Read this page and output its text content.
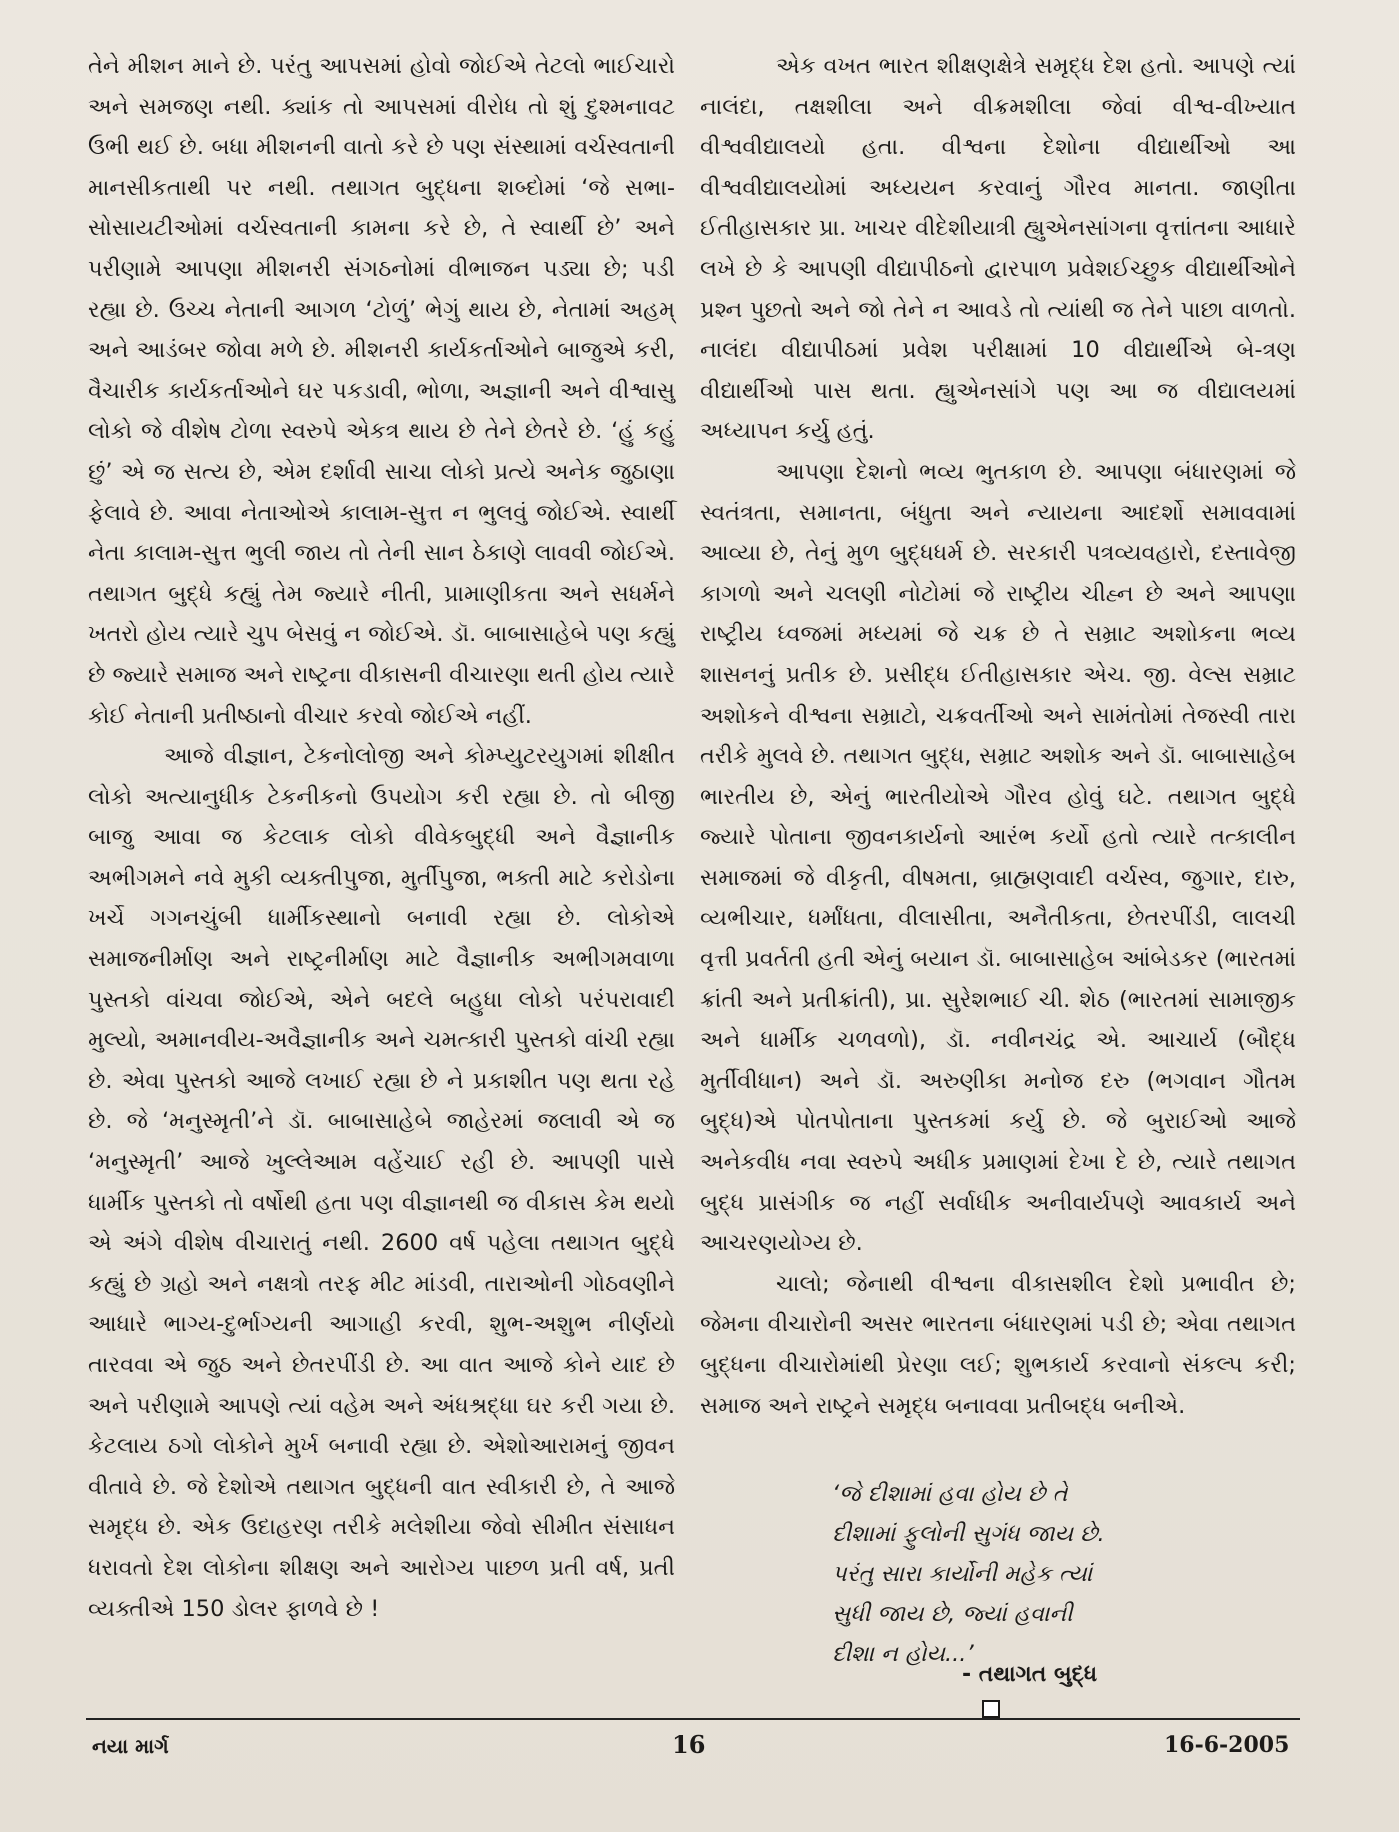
તેને મીશન માને છે. પરંતુ આપસમાં હોવો જોઈએ તેટલો ભાઈચારો અને સમજણ નથી. ક્યાંક તો આપસમાં વીરોધ તો શું દુશ્મનાવટ ઉભી થઈ છે. બધા મીશનની વાતો કરે છે પણ સંસ્થામાં વર્ચસ્વતાની માનસીકતાથી પર નથી. તથાગત બુદ્ધના શબ્દોમાં ‘જે સભા-સોસાયટીઓમાં વર્ચસ્વતાની કામના કરે છે, તે સ્વાર્થી છે’ અને પરીણામે આપણા મીશનરી સંગઠનોમાં વીભાજન પડ્યા છે; પડી રહ્યા છે. ઉચ્ચ નેતાની આગળ ‘ટોળું’ ભેગું થાય છે, નેતામાં અહમ્ અને આડંબર જોવા મળે છે. મીશનરી કાર્યકર્તાઓને બાજુએ કરી, વૈચારીક કાર્યકર્તાઓને ઘર પકડાવી, ભોળા, અજ્ઞાની અને વીશ્વાસુ લોકો જે વીશેષ ટોળા સ્વરુપે એકત્ર થાય છે તેને છેતરે છે. ‘હું કહું છું’ એ જ સત્ય છે, એમ દર્શાવી સાચા લોકો પ્રત્યે અનેક જુઠાણા ફેલાવે છે. આવા નેતાઓએ કાલામ-સુત્ત ન ભુલવું જોઈએ. સ્વાર્થી નેતા કાલામ-સુત્ત ભુલી જાય તો તેની સાન ઠેકાણે લાવવી જોઈએ. તથાગત બુદ્ધે કહ્યું તેમ જ્યારે નીતી, પ્રામાણીકતા અને સધર્મને ખતરો હોય ત્યારે ચુપ બેસવું ન જોઈએ. ડૉ. બાબાસાહેબે પણ કહ્યું છે જ્યારે સમાજ અને રાષ્ટ્રના વીકાસની વીચારણા થતી હોય ત્યારે કોઈ નેતાની પ્રતીષ્ઠાનો વીચાર કરવો જોઈએ નહીં.

આજે વીજ્ઞાન, ટેકનોલોજી અને કોમ્પ્યુટરયુગમાં શીક્ષીત લોકો અત્યાનુધીક ટેકનીકનો ઉપયોગ કરી રહ્યા છે. તો બીજી બાજુ આવા જ કેટલાક લોકો વીવેકબુદ્ધી અને વૈજ્ઞાનીક અભીગમને નવે મુકી વ્યક્તીપુજા, મુર્તીપુજા, ભક્તી માટે કરોડોના ખર્ચે ગગનચુંબી ધાર્મીકસ્થાનો બનાવી રહ્યા છે. લોકોએ સમાજનીર્માણ અને રાષ્ટ્રનીર્માણ માટે વૈજ્ઞાનીક અભીગમવાળા પુસ્તકો વાંચવા જોઈએ, એને બદલે બહુધા લોકો પરંપરાવાદી મુલ્યો, અમાનવીય-અવૈજ્ઞાનીક અને ચમત્કારી પુસ્તકો વાંચી રહ્યા છે. એવા પુસ્તકો આજે લખાઈ રહ્યા છે ને પ્રકાશીત પણ થતા રહે છે. જે ‘મનુસ્મૃતી’ને ડૉ. બાબાસાહેબે જાહેરમાં જલાવી એ જ ‘મનુસ્મૃતી’ આજે ખુલ્લેઆમ વહેંચાઈ રહી છે. આપણી પાસે ધાર્મીક પુસ્તકો તો વર્ષોથી હતા પણ વીજ્ઞાનથી જ વીકાસ કેમ થયો એ અંગે વીશેષ વીચારાતું નથી. 2600 વર્ષ પહેલા તથાગત બુદ્ધે કહ્યું છે ગ્રહો અને નક્ષત્રો તરફ મીટ માંડવી, તારાઓની ગોઠવણીને આધારે ભાગ્ય-દુર્ભાગ્યની આગાહી કરવી, શુભ-અશુભ નીર્ણયો તારવવા એ જુઠ અને છેતરપીંડી છે. આ વાત આજે કોને યાદ છે અને પરીણામે આપણે ત્યાં વહેમ અને અંધશ્રદ્ધા ઘર કરી ગયા છે. કેટલાય ઠગો લોકોને મુર્ખ બનાવી રહ્યા છે. એશોઆરામનું જીવન વીતાવે છે. જે દેશોએ તથાગત બુદ્ધની વાત સ્વીકારી છે, તે આજે સમૃદ્ધ છે. એક ઉદાહરણ તરીકે મલેશીયા જેવો સીમીત સંસાધન ધરાવતો દેશ લોકોના શીક્ષણ અને આરોગ્ય પાછળ પ્રતી વર્ષ, પ્રતી વ્યક્તીએ 150 ડોલર ફાળવે છે !

એક વખત ભારત શીક્ષણક્ષેત્રે સમૃદ્ધ દેશ હતો. આપણે ત્યાં નાલંદા, તક્ષશીલા અને વીક્રમશીલા જેવાં વીશ્વ-વીખ્યાત વીશ્વવીદ્યાલયો હતા. વીશ્વના દેશોના વીદ્યાર્થીઓ આ વીશ્વવીદ્યાલયોમાં અધ્યયન કરવાનું ગૌરવ માનતા. જાણીતા ઈતીહાસકાર પ્રા. ખાચર વીદેશીયાત્રી હ્યુએનસાંગના વૃત્તાંતના આધારે લખે છે કે આપણી વીદ્યાપીઠનો દ્વારપાળ પ્રવેશઈચ્છુક વીદ્યાર્થીઓને પ્રશ્ન પુછતો અને જો તેને ન આવડે તો ત્યાંથી જ તેને પાછા વાળતો. નાલંદા વીદ્યાપીઠમાં પ્રવેશ પરીક્ષામાં 10 વીદ્યાર્થીએ બે-ત્રણ વીદ્યાર્થીઓ પાસ થતા. હ્યુએનસાંગે પણ આ જ વીદ્યાલયમાં અધ્યાપન કર્યુ હતું.

આપણા દેશનો ભવ્ય ભુતકાળ છે. આપણા બંધારણમાં જે સ્વતંત્રતા, સમાનતા, બંધુતા અને ન્યાયના આદર્શો સમાવવામાં આવ્યા છે, તેનું મુળ બુદ્ધધર્મ છે. સરકારી પત્રવ્યવહારો, દસ્તાવેજી કાગળો અને ચલણી નોટોમાં જે રાષ્ટ્રીય ચીહ્ન છે અને આપણા રાષ્ટ્રીય ધ્વજમાં મધ્યમાં જે ચક્ર છે તે સમ્રાટ અશોકના ભવ્ય શાસનનું પ્રતીક છે. પ્રસીદ્ધ ઈતીહાસકાર એચ. જી. વેલ્સ સમ્રાટ અશોકને વીશ્વના સમ્રાટો, ચક્રવર્તીઓ અને સામંતોમાં તેજસ્વી તારા તરીકે મુલવે છે. તથાગત બુદ્ધ, સમ્રાટ અશોક અને ડૉ. બાબાસાહેબ ભારતીય છે, એનું ભારતીયોએ ગૌરવ હોવું ઘટે. તથાગત બુદ્ધે જ્યારે પોતાના જીવનકાર્યનો આરંભ કર્યો હતો ત્યારે તત્કાલીન સમાજમાં જે વીકૃતી, વીષમતા, બ્રાહ્મણવાદી વર્ચસ્વ, જુગાર, દારુ, વ્યભીચાર, ધર્માંધતા, વીલાસીતા, અનૈતીકતા, છેતરપીંડી, લાલચી વૃત્તી પ્રવર્તતી હતી એનું બયાન ડૉ. બાબાસાહેબ આંબેડકર (ભારતમાં ક્રાંતી અને પ્રતીક્રાંતી), પ્રા. સુરેશભાઈ ચી. શેઠ (ભારતમાં સામાજીક અને ધાર્મીક ચળવળો), ડૉ. નવીનચંદ્ર એ. આચાર્ય (બૌદ્ધ મુર્તીવીધાન) અને ડૉ. અરુણીકા મનોજ દરુ (ભગવાન ગૌતમ બુદ્ધ)એ પોતપોતાના પુસ્તકમાં કર્યુ છે. જે બુરાઈઓ આજે અનેકવીધ નવા સ્વરુપે અધીક પ્રમાણમાં દેખા દે છે, ત્યારે તથાગત બુદ્ધ પ્રાસંગીક જ નહીં સર્વાધીક અનીવાર્યપણે આવકાર્ય અને આચરણયોગ્ય છે.

ચાલો; જેનાથી વીશ્વના વીકાસશીલ દેશો પ્રભાવીત છે; જેમના વીચારોની અસર ભારતના બંધારણમાં પડી છે; એવા તથાગત બુદ્ધના વીચારોમાંથી પ્રેરણા લઈ; શુભકાર્ય કરવાનો સંકલ્પ કરી; સમાજ અને રાષ્ટ્રને સમૃદ્ધ બનાવવા પ્રતીબદ્ધ બનીએ.

‘જે દીશામાં હવા હોય છે તે
દીશામાં ફુલોની સુગંધ જાય છે.
પરંતુ સારા કાર્યોની મહેક ત્યાં
સુધી જાય છે, જ્યાં હવાની
દીશા ન હોય...’
- તથાગત બુદ્ધ
નયા માર્ગ	16	16-6-2005
